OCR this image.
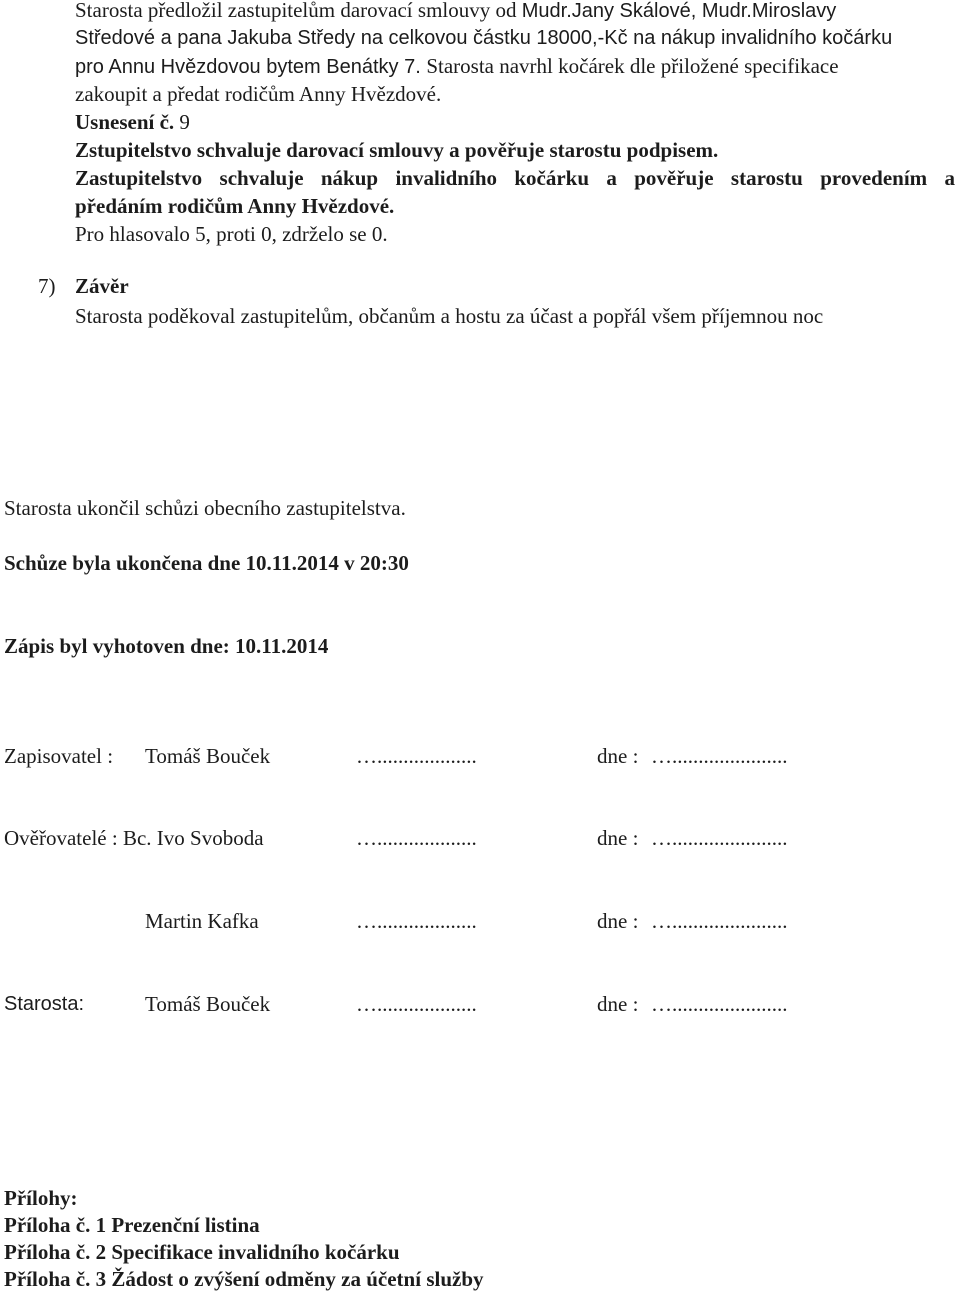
Starosta předložil zastupitelům darovací smlouvy od Mudr.Jany Skálové, Mudr.Miroslavy
Středové a pana Jakuba Středy na celkovou částku 18000,-Kč na nákup invalidního kočárku
pro Annu Hvězdovou bytem Benátky 7. Starosta navrhl kočárek dle přiložené specifikace
zakoupit a předat rodičům Anny Hvězdové.
Usnesení č. 9
Zstupitelstvo schvaluje darovací smlouvy a pověřuje starostu podpisem.
Zastupitelstvo schvaluje nákup invalidního kočárku a pověřuje starostu provedením a
předáním rodičům Anny Hvězdové.
Pro hlasovalo 5, proti 0, zdrželo se 0.
7) Závěr
Starosta poděkoval zastupitelům, občanům a hostu za účast a popřál všem příjemnou noc
Starosta ukončil schůzi obecního zastupitelstva.
Schůze byla ukončena dne 10.11.2014 v 20:30
Zápis byl vyhotoven dne: 10.11.2014
Zapisovatel : Tomáš Bouček	…...................	dne : …......................
Ověřovatelé : Bc. Ivo Svoboda	…...................	dne : …......................
Martin Kafka	…...................	dne : …......................
Starosta:	Tomáš Bouček	…...................	dne : …......................
Přílohy:
Příloha č. 1 Prezenční listina
Příloha č. 2 Specifikace invalidního kočárku
Příloha č. 3 Žádost o zvýšení odměny za účetní služby
